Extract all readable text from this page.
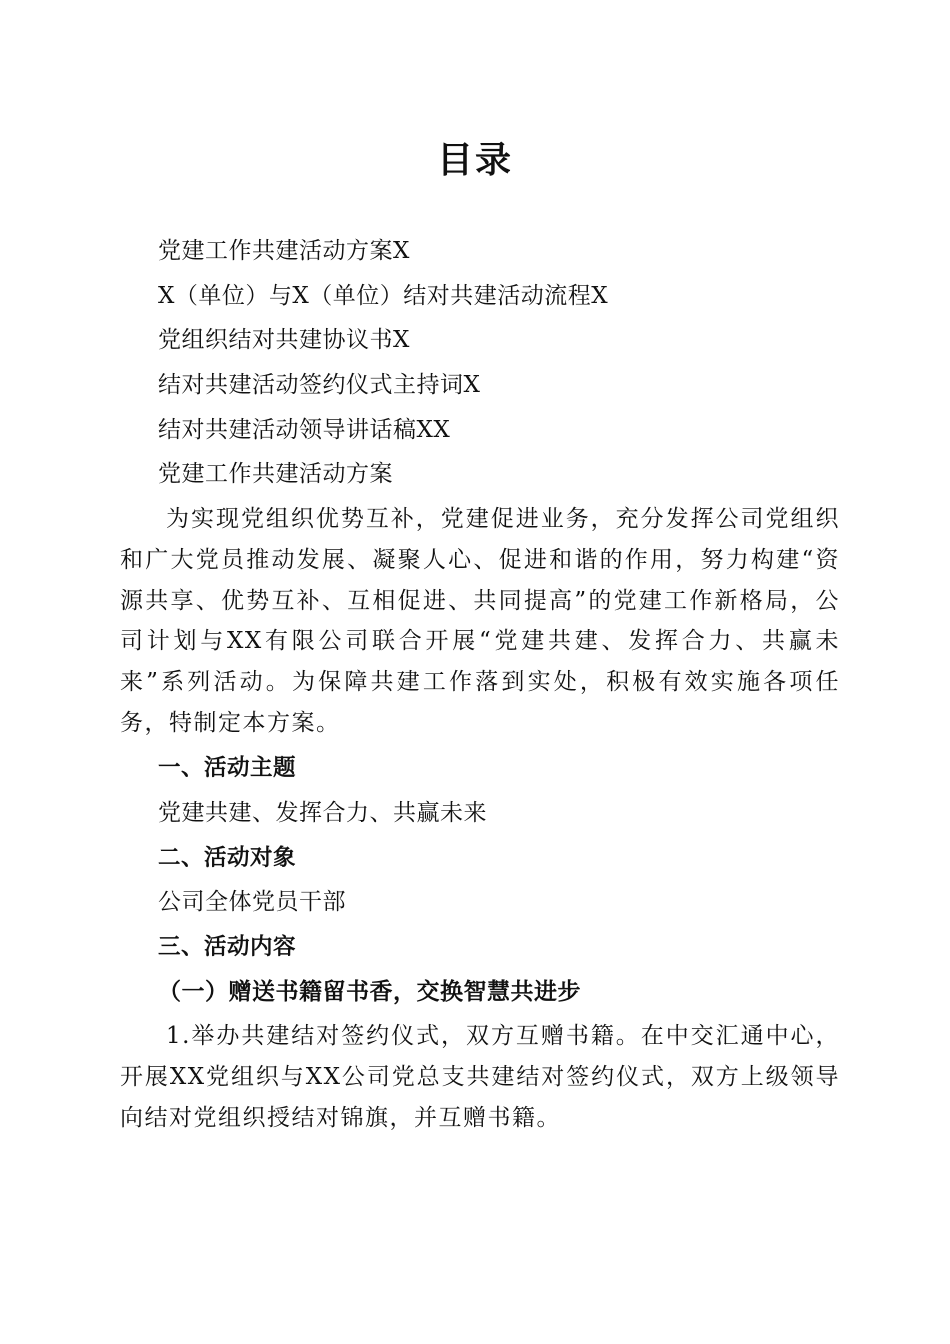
目录
党建工作共建活动方案X
X（单位）与X（单位）结对共建活动流程X
党组织结对共建协议书X
结对共建活动签约仪式主持词X
结对共建活动领导讲话稿XX
党建工作共建活动方案
为实现党组织优势互补，党建促进业务，充分发挥公司党组织和广大党员推动发展、凝聚人心、促进和谐的作用，努力构建“资源共享、优势互补、互相促进、共同提高”的党建工作新格局，公司计划与XX有限公司联合开展“党建共建、发挥合力、共赢未来”系列活动。为保障共建工作落到实处，积极有效实施各项任务，特制定本方案。
一、活动主题
党建共建、发挥合力、共赢未来
二、活动对象
公司全体党员干部
三、活动内容
（一）赠送书籍留书香，交换智慧共进步
1.举办共建结对签约仪式，双方互赠书籍。在中交汇通中心，开展XX党组织与XX公司党总支共建结对签约仪式，双方上级领导向结对党组织授结对锦旗，并互赠书籍。
